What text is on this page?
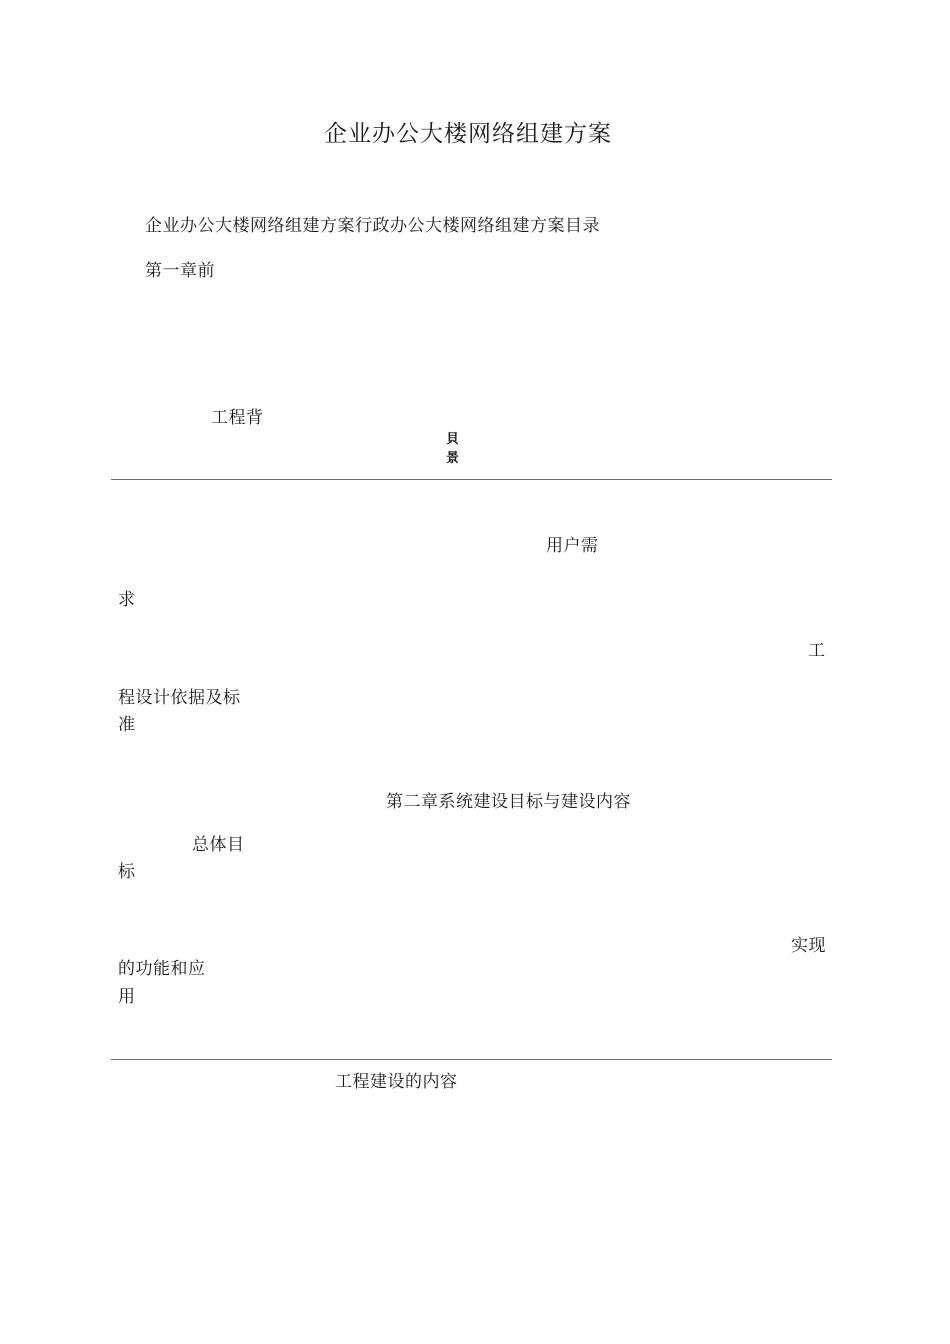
企业办公大楼网络组建方案
企业办公大楼网络组建方案行政办公大楼网络组建方案目录
第一章前
工程背
貝
景
用户需
求
工
程设计依据及标
准
第二章系统建设目标与建设内容
总体目
标
实现
的功能和应
用
工程建设的内容
